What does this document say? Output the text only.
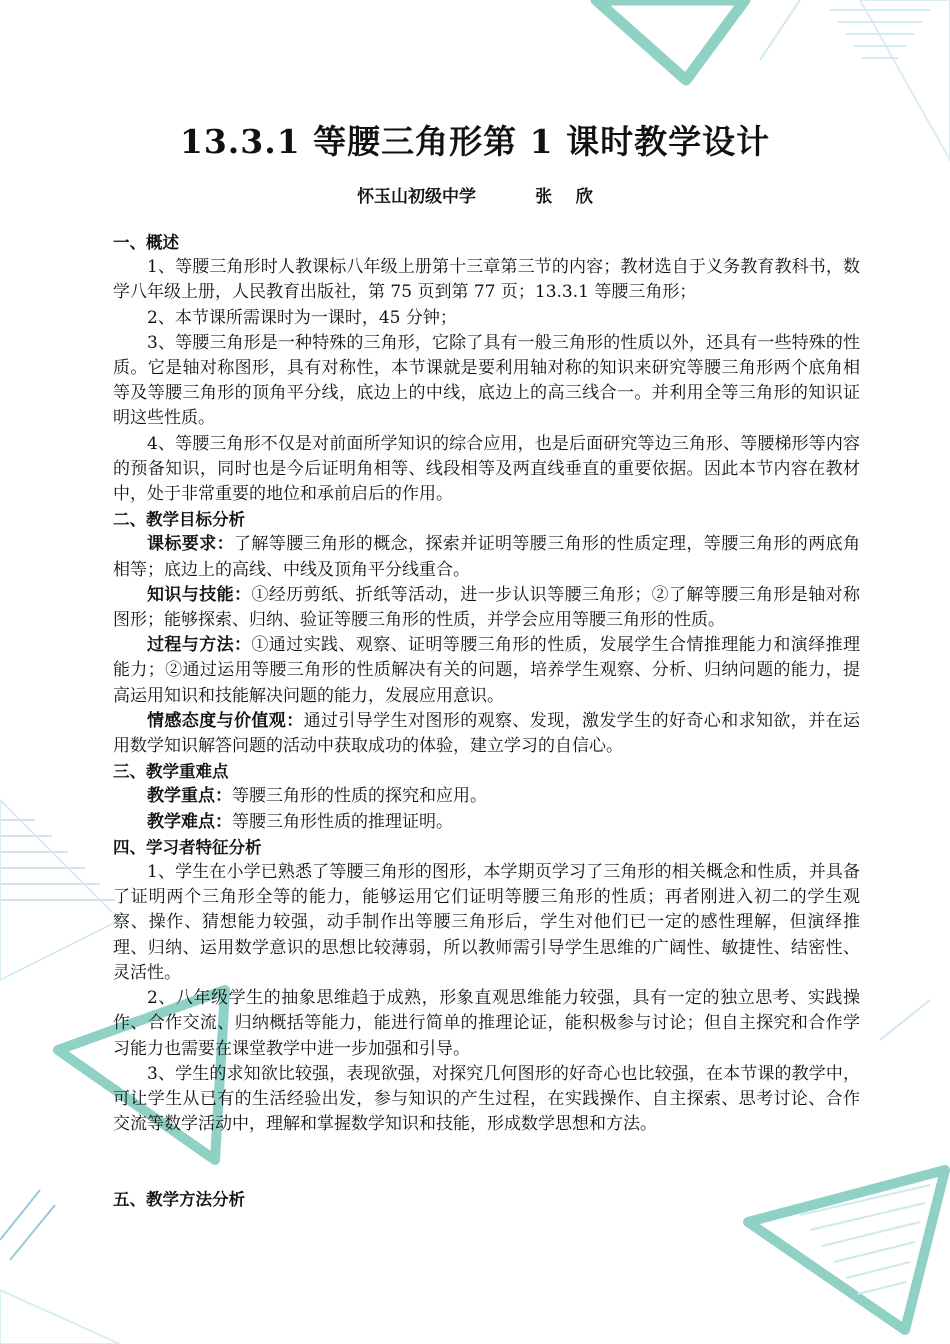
13.3.1 等腰三角形第 1 课时教学设计
怀玉山初级中学          张    欣
一、概述
1、等腰三角形时人教课标八年级上册第十三章第三节的内容；教材选自于义务教育教科书，数学八年级上册，人民教育出版社，第 75 页到第 77 页；13.3.1 等腰三角形；
2、本节课所需课时为一课时，45 分钟；
3、等腰三角形是一种特殊的三角形，它除了具有一般三角形的性质以外，还具有一些特殊的性质。它是轴对称图形，具有对称性，本节课就是要利用轴对称的知识来研究等腰三角形两个底角相等及等腰三角形的顶角平分线，底边上的中线，底边上的高三线合一。并利用全等三角形的知识证明这些性质。
4、等腰三角形不仅是对前面所学知识的综合应用，也是后面研究等边三角形、等腰梯形等内容的预备知识，同时也是今后证明角相等、线段相等及两直线垂直的重要依据。因此本节内容在教材中，处于非常重要的地位和承前启后的作用。
二、教学目标分析
课标要求：了解等腰三角形的概念，探索并证明等腰三角形的性质定理，等腰三角形的两底角相等；底边上的高线、中线及顶角平分线重合。
知识与技能：①经历剪纸、折纸等活动，进一步认识等腰三角形；②了解等腰三角形是轴对称图形；能够探索、归纳、验证等腰三角形的性质，并学会应用等腰三角形的性质。
过程与方法：①通过实践、观察、证明等腰三角形的性质，发展学生合情推理能力和演绎推理能力；②通过运用等腰三角形的性质解决有关的问题，培养学生观察、分析、归纳问题的能力，提高运用知识和技能解决问题的能力，发展应用意识。
情感态度与价值观：通过引导学生对图形的观察、发现，激发学生的好奇心和求知欲，并在运用数学知识解答问题的活动中获取成功的体验，建立学习的自信心。
三、教学重难点
教学重点：等腰三角形的性质的探究和应用。
教学难点：等腰三角形性质的推理证明。
四、学习者特征分析
1、学生在小学已熟悉了等腰三角形的图形，本学期页学习了三角形的相关概念和性质，并具备了证明两个三角形全等的能力，能够运用它们证明等腰三角形的性质；再者刚进入初二的学生观察、操作、猜想能力较强，动手制作出等腰三角形后，学生对他们已一定的感性理解，但演绎推理、归纳、运用数学意识的思想比较薄弱，所以教师需引导学生思维的广阔性、敏捷性、结密性、灵活性。
2、八年级学生的抽象思维趋于成熟，形象直观思维能力较强，具有一定的独立思考、实践操作、合作交流、归纳概括等能力，能进行简单的推理论证，能积极参与讨论；但自主探究和合作学习能力也需要在课堂教学中进一步加强和引导。
3、学生的求知欲比较强，表现欲强，对探究几何图形的好奇心也比较强，在本节课的教学中，可让学生从已有的生活经验出发，参与知识的产生过程，在实践操作、自主探索、思考讨论、合作交流等数学活动中，理解和掌握数学知识和技能，形成数学思想和方法。
五、教学方法分析
